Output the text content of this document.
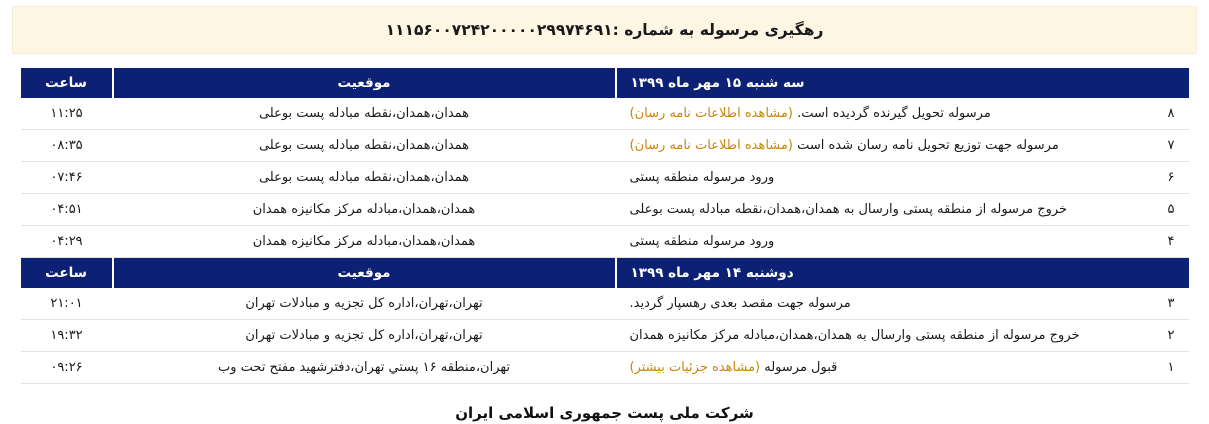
رهگیری مرسوله به شماره :۱۱۱۵۶۰۰۷۲۴۲۰۰۰۰۰۲۹۹۷۴۶۹۱
سه شنبه ۱۵ مهر ماه ۱۳۹۹	موقعیت	ساعت

۸
مرسوله تحویل گیرنده گردیده است. (مشاهده اطلاعات نامه رسان)	همدان،همدان،نقطه مبادله پست بوعلی	۱۱:۲۵

۷
مرسوله جهت توزیع تحویل نامه رسان شده است (مشاهده اطلاعات نامه رسان)	همدان،همدان،نقطه مبادله پست بوعلی	۰۸:۳۵

۶
ورود مرسوله منطقه پستی	همدان،همدان،نقطه مبادله پست بوعلی	۰۷:۴۶

۵
خروج مرسوله از منطقه پستی وارسال به همدان،همدان،نقطه مبادله پست بوعلی	همدان،همدان،مبادله مرکز مکانیزه همدان	۰۴:۵۱

۴
ورود مرسوله منطقه پستی	همدان،همدان،مبادله مرکز مکانیزه همدان	۰۴:۲۹
دوشنبه ۱۴ مهر ماه ۱۳۹۹	موقعیت	ساعت

۳
مرسوله جهت مقصد بعدی رهسپار گردید.	تهران،تهران،اداره كل تجزیه و مبادلات تهران	۲۱:۰۱

۲
خروج مرسوله از منطقه پستی وارسال به همدان،همدان،مبادله مرکز مکانیزه همدان	تهران،تهران،اداره كل تجزیه و مبادلات تهران	۱۹:۳۲

۱
قبول مرسوله (مشاهده جزئیات بیشتر)	تهران،منطقه ۱۶ پستي تهران،دفترشهید مفتح تحت وب	۰۹:۲۶
شرکت ملی پست جمهوری اسلامی ایران
